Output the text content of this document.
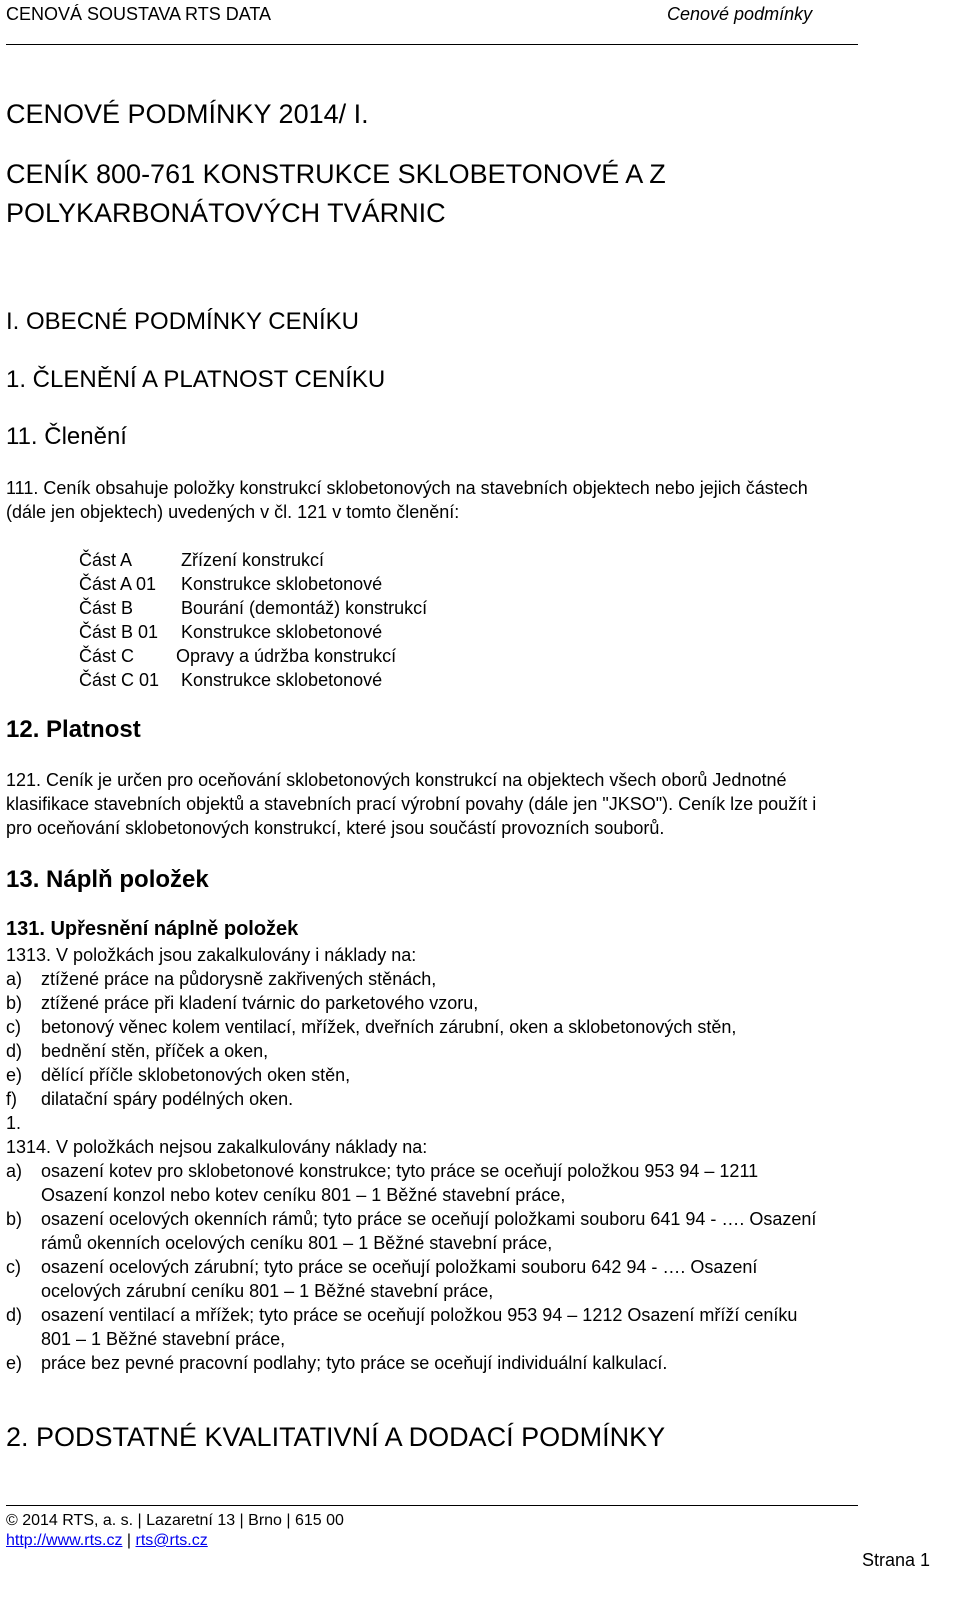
CENOVÁ SOUSTAVA RTS DATA	Cenové podmínky
CENOVÉ PODMÍNKY 2014/ I.
CENÍK 800-761 KONSTRUKCE SKLOBETONOVÉ A Z
POLYKARBONÁTOVÝCH TVÁRNIC
I. OBECNÉ PODMÍNKY CENÍKU
1. ČLENĚNÍ A PLATNOST CENÍKU
11. Členění
111. Ceník obsahuje položky konstrukcí sklobetonových na stavebních objektech nebo jejich částech
(dále jen objektech) uvedených v čl. 121 v tomto členění:
Část A	Zřízení konstrukcí
Část A 01 Konstrukce sklobetonové
Část B	Bourání (demontáž) konstrukcí
Část B 01 Konstrukce sklobetonové
Část C Opravy a údržba konstrukcí
Část C 01 Konstrukce sklobetonové
12. Platnost
121. Ceník je určen pro oceňování sklobetonových konstrukcí na objektech všech oborů Jednotné
klasifikace stavebních objektů a stavebních prací výrobní povahy (dále jen "JKSO"). Ceník lze použít i
pro oceňování sklobetonových konstrukcí, které jsou součástí provozních souborů.
13. Náplň položek
131. Upřesnění náplně položek
1313. V položkách jsou zakalkulovány i náklady na:
a) ztížené práce na půdorysně zakřivených stěnách,
b) ztížené práce při kladení tvárnic do parketového vzoru,
c) betonový věnec kolem ventilací, mřížek, dveřních zárubní, oken a sklobetonových stěn,
d) bednění stěn, příček a oken,
e) dělící příčle sklobetonových oken stěn,
f) dilatační spáry podélných oken.
1.
1314. V položkách nejsou zakalkulovány náklady na:
a) osazení kotev pro sklobetonové konstrukce; tyto práce se oceňují položkou 953 94 – 1211
Osazení konzol nebo kotev ceníku 801 – 1 Běžné stavební práce,
b) osazení ocelových okenních rámů; tyto práce se oceňují položkami souboru 641 94 - …. Osazení
rámů okenních ocelových ceníku 801 – 1 Běžné stavební práce,
c) osazení ocelových zárubní; tyto práce se oceňují položkami souboru 642 94 - …. Osazení
ocelových zárubní ceníku 801 – 1 Běžné stavební práce,
d) osazení ventilací a mřížek; tyto práce se oceňují položkou 953 94 – 1212 Osazení mříží ceníku
801 – 1 Běžné stavební práce,
e) práce bez pevné pracovní podlahy; tyto práce se oceňují individuální kalkulací.
2. PODSTATNÉ KVALITATIVNÍ A DODACÍ PODMÍNKY
© 2014 RTS, a. s. | Lazaretní 13 | Brno | 615 00
http://www.rts.cz | rts@rts.cz
Strana 1
